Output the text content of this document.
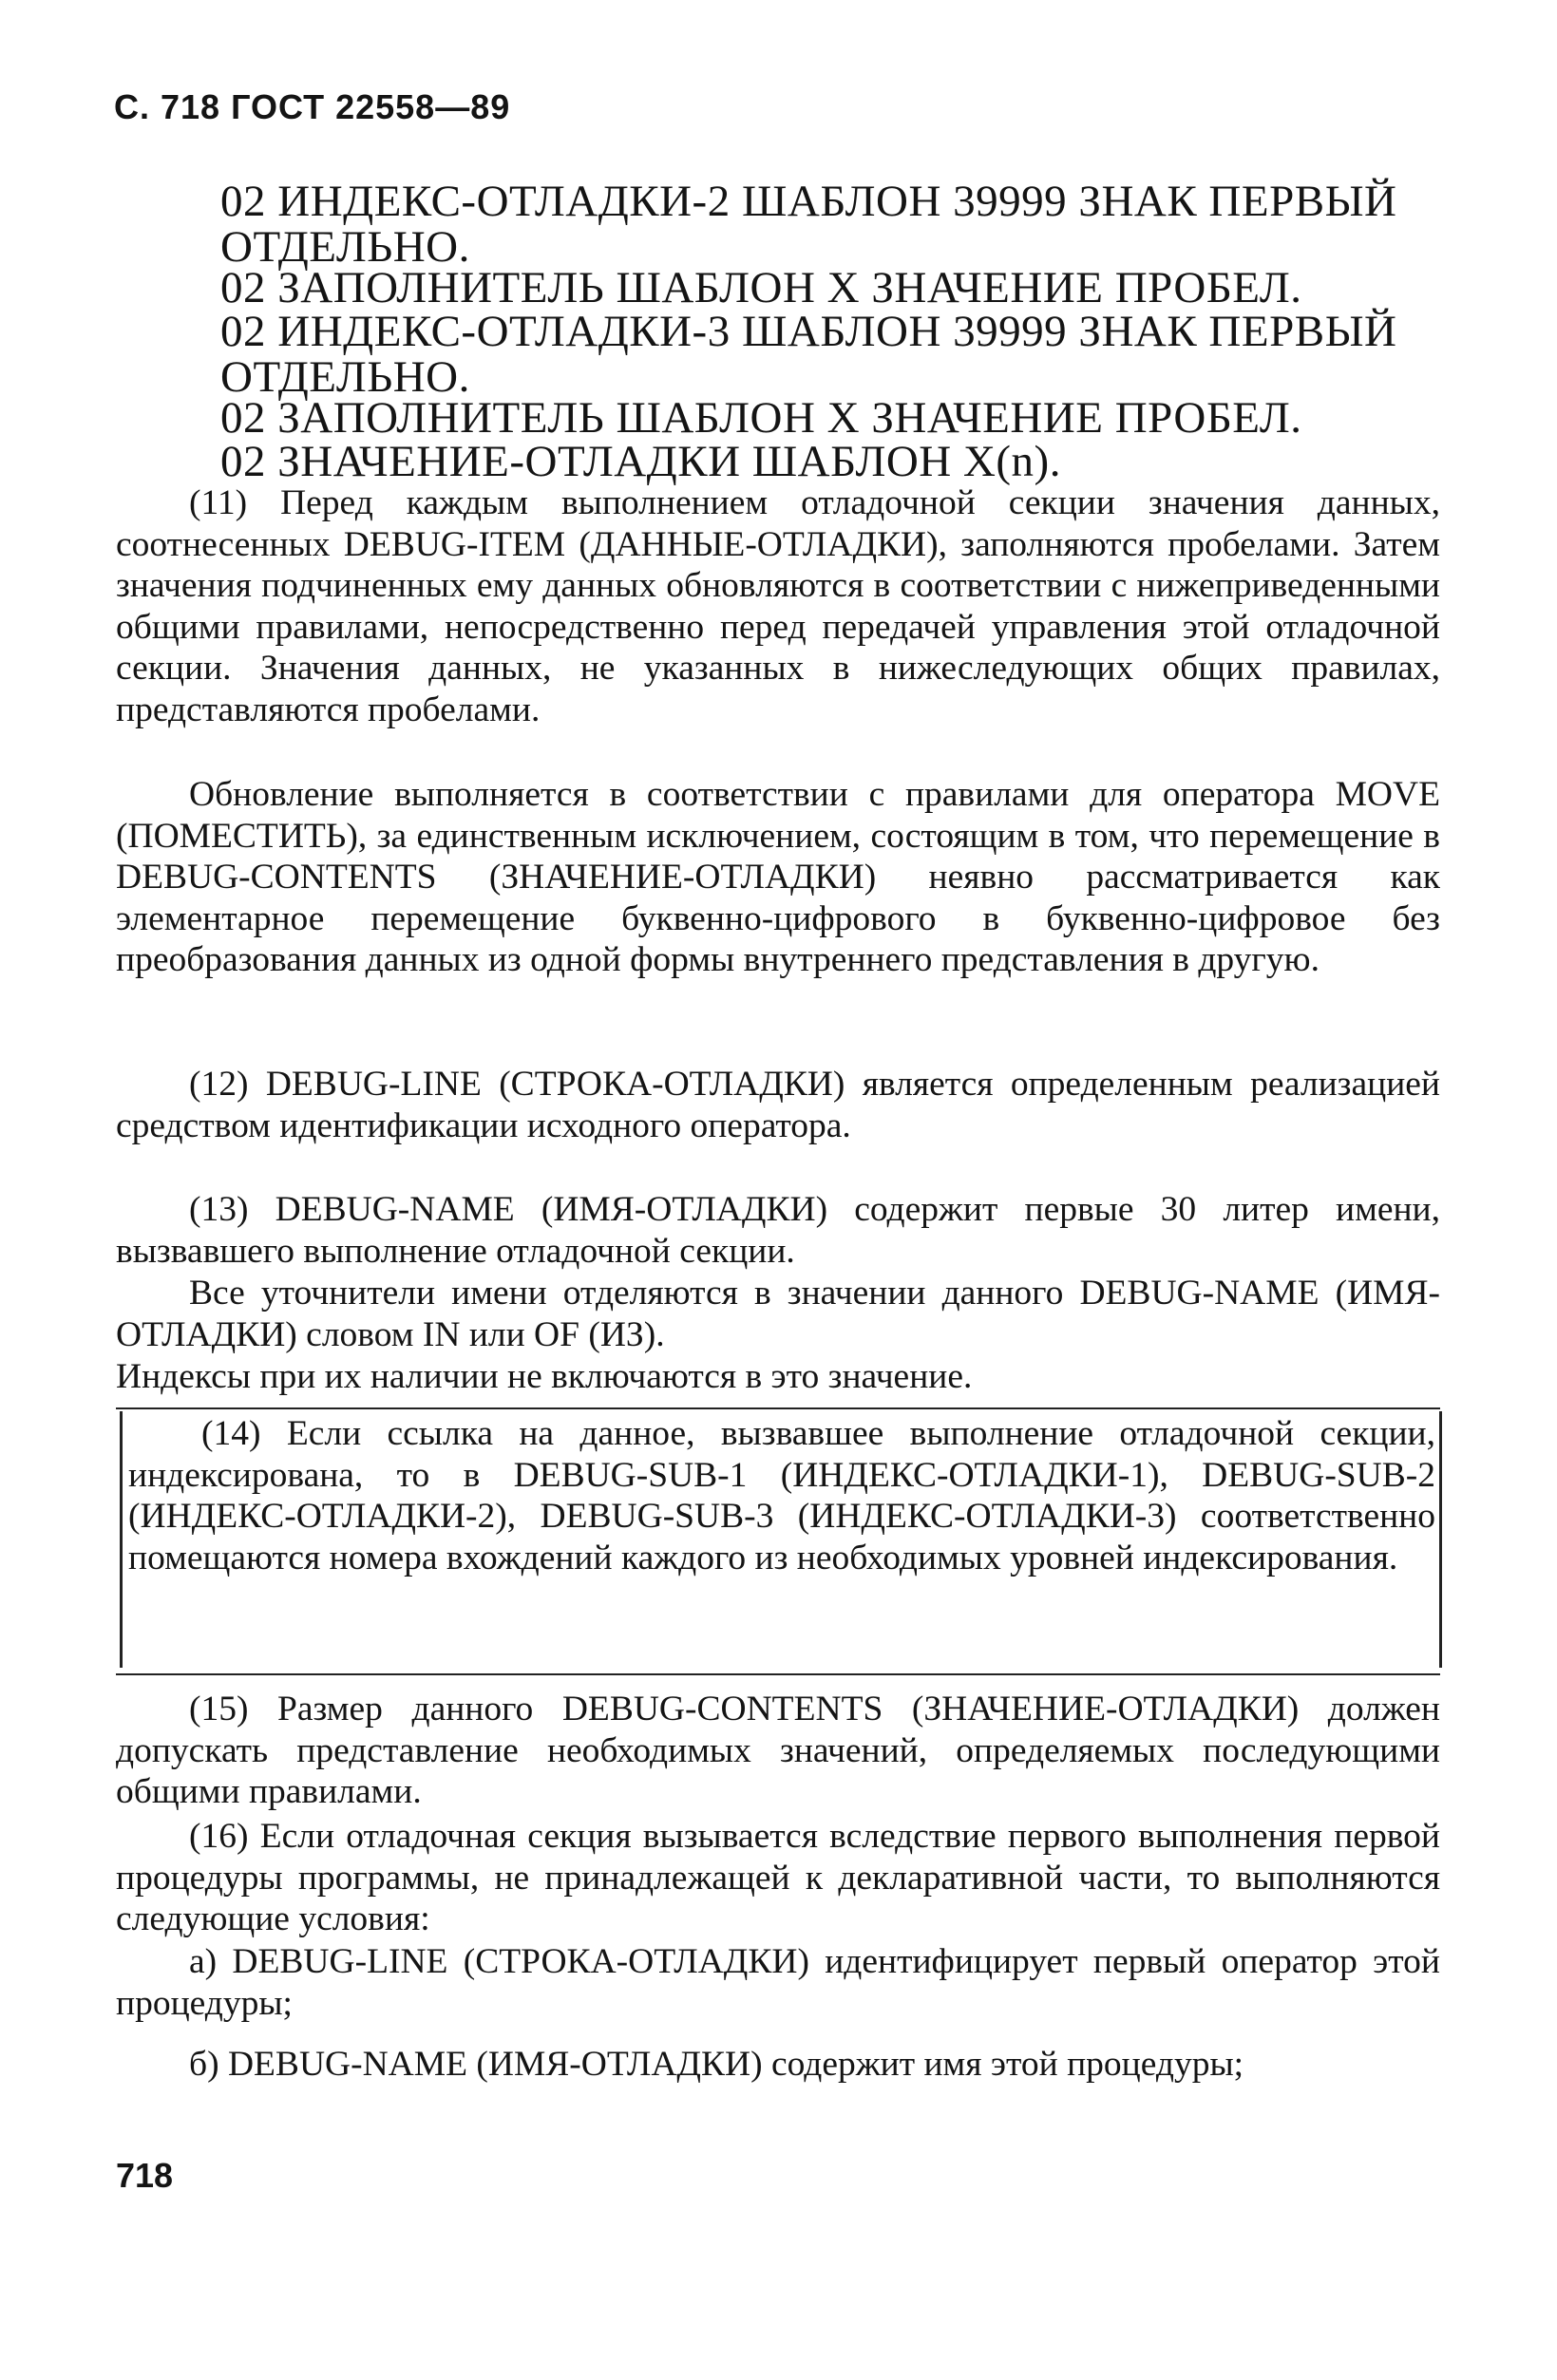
С. 718 ГОСТ 22558—89
02 ИНДЕКС-ОТЛАДКИ-2 ШАБЛОН 39999 ЗНАК ПЕРВЫЙ ОТДЕЛЬНО.
02 ЗАПОЛНИТЕЛЬ ШАБЛОН X ЗНАЧЕНИЕ ПРОБЕЛ.
02 ИНДЕКС-ОТЛАДКИ-3 ШАБЛОН 39999 ЗНАК ПЕРВЫЙ ОТДЕЛЬНО.
02 ЗАПОЛНИТЕЛЬ ШАБЛОН X ЗНАЧЕНИЕ ПРОБЕЛ.
02 ЗНАЧЕНИЕ-ОТЛАДКИ ШАБЛОН X(n).

(11) Перед каждым выполнением отладочной секции значения данных, соотнесенных DEBUG-ITEM (ДАННЫЕ-ОТЛАДКИ), заполняются пробелами. Затем значения подчиненных ему данных обновляются в соответствии с нижеприведенными общими правилами, непосредственно перед передачей управления этой отладочной секции. Значения данных, не указанных в нижеследующих общих правилах, представляются пробелами.

Обновление выполняется в соответствии с правилами для оператора MOVE (ПОМЕСТИТЬ), за единственным исключением, состоящим в том, что перемещение в DEBUG-CONTENTS (ЗНАЧЕНИЕ-ОТЛАДКИ) неявно рассматривается как элементарное перемещение буквенно-цифрового в буквенно-цифровое без преобразования данных из одной формы внутреннего представления в другую.

(12) DEBUG-LINE (СТРОКА-ОТЛАДКИ) является определенным реализацией средством идентификации исходного оператора.

(13) DEBUG-NAME (ИМЯ-ОТЛАДКИ) содержит первые 30 литер имени, вызвавшего выполнение отладочной секции.

Все уточнители имени отделяются в значении данного DEBUG-NAME (ИМЯ-ОТЛАДКИ) словом IN или OF (ИЗ).

Индексы при их наличии не включаются в это значение.

(14) Если ссылка на данное, вызвавшее выполнение отладочной секции, индексирована, то в DEBUG-SUB-1 (ИНДЕКС-ОТЛАДКИ-1), DEBUG-SUB-2 (ИНДЕКС-ОТЛАДКИ-2), DEBUG-SUB-3 (ИНДЕКС-ОТЛАДКИ-3) соответственно помещаются номера вхождений каждого из необходимых уровней индексирования.

(15) Размер данного DEBUG-CONTENTS (ЗНАЧЕНИЕ-ОТЛАДКИ) должен допускать представление необходимых значений, определяемых последующими общими правилами.

(16) Если отладочная секция вызывается вследствие первого выполнения первой процедуры программы, не принадлежащей к декларативной части, то выполняются следующие условия:

а) DEBUG-LINE (СТРОКА-ОТЛАДКИ) идентифицирует первый оператор этой процедуры;

б) DEBUG-NAME (ИМЯ-ОТЛАДКИ) содержит имя этой процедуры;

718
